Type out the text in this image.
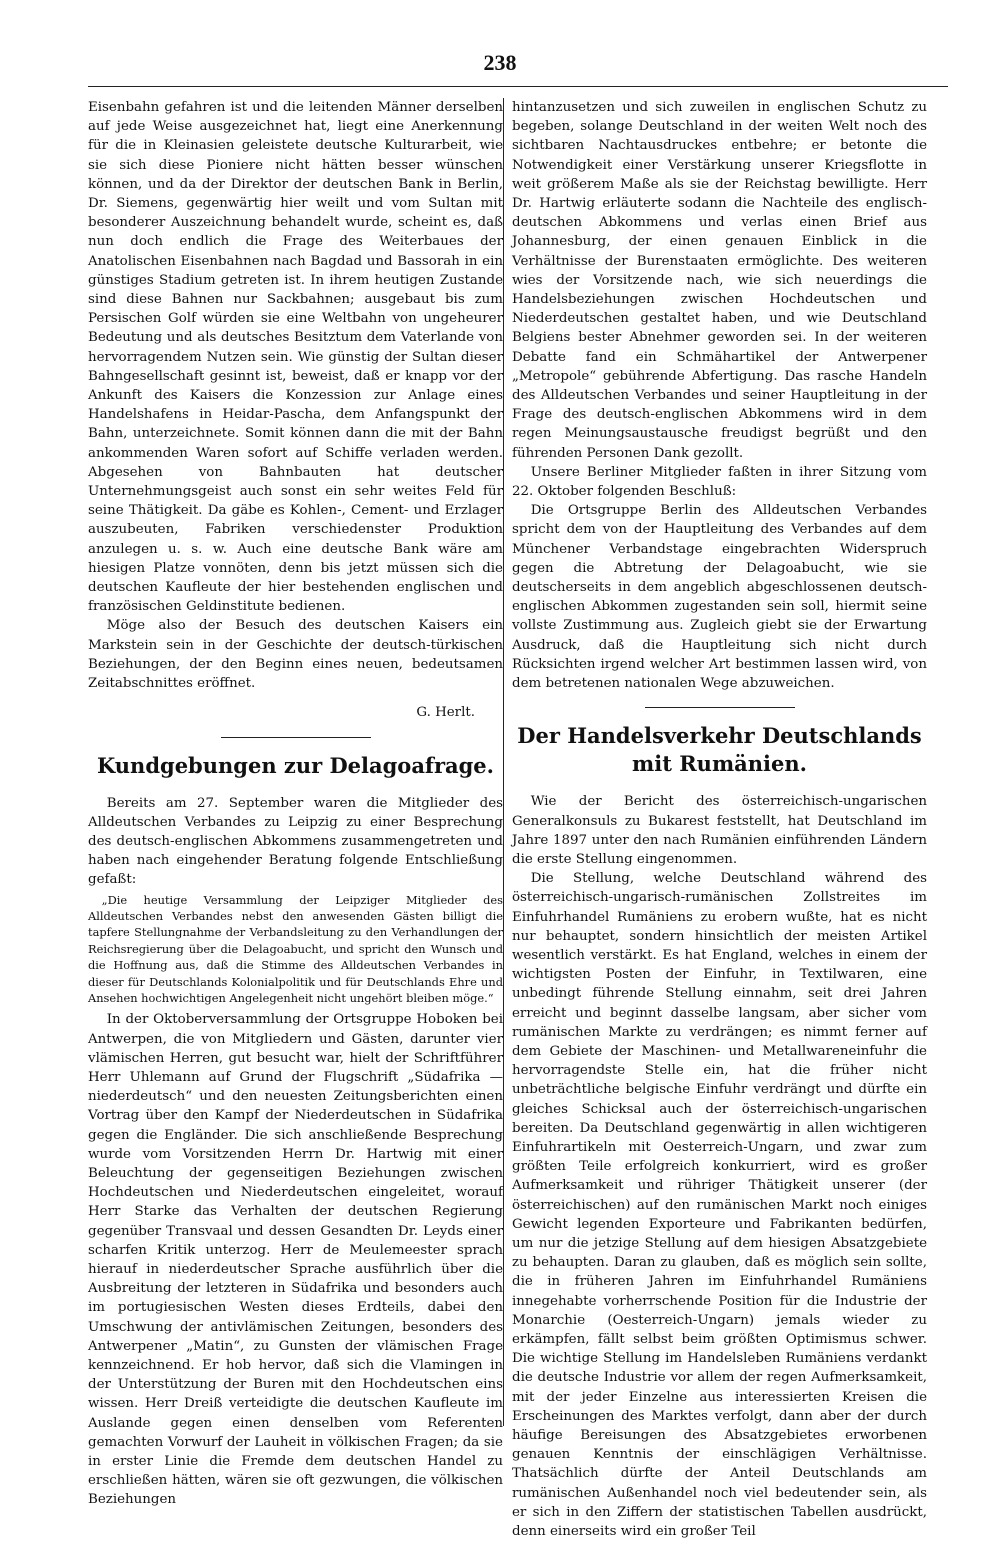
238

Eisenbahn gefahren ist und die leitenden Männer derselben auf jede Weise ausgezeichnet hat, liegt eine Anerkennung für die in Kleinasien geleistete deutsche Kulturarbeit, wie sie sich diese Pioniere nicht hätten besser wünschen können, und da der Direktor der deutschen Bank in Berlin, Dr. Siemens, gegenwärtig hier weilt und vom Sultan mit besonderer Auszeichnung behandelt wurde, scheint es, daß nun doch endlich die Frage des Weiterbaues der Anatolischen Eisenbahnen nach Bagdad und Bassorah in ein günstiges Stadium getreten ist. In ihrem heutigen Zustande sind diese Bahnen nur Sackbahnen; ausgebaut bis zum Persischen Golf würden sie eine Weltbahn von ungeheurer Bedeutung und als deutsches Besitztum dem Vaterlande von hervorragendem Nutzen sein. Wie günstig der Sultan dieser Bahngesellschaft gesinnt ist, beweist, daß er knapp vor der Ankunft des Kaisers die Konzession zur Anlage eines Handelshafens in Heidar-Pascha, dem Anfangspunkt der Bahn, unterzeichnete. Somit können dann die mit der Bahn ankommenden Waren sofort auf Schiffe verladen werden. Abgesehen von Bahnbauten hat deutscher Unternehmungsgeist auch sonst ein sehr weites Feld für seine Thätigkeit. Da gäbe es Kohlen-, Cement- und Erzlager auszubeuten, Fabriken verschiedenster Produktion anzulegen u. s. w. Auch eine deutsche Bank wäre am hiesigen Platze vonnöten, denn bis jetzt müssen sich die deutschen Kaufleute der hier bestehenden englischen und französischen Geldinstitute bedienen.

Möge also der Besuch des deutschen Kaisers ein Markstein sein in der Geschichte der deutsch-türkischen Beziehungen, der den Beginn eines neuen, bedeutsamen Zeitabschnittes eröffnet.

G. Herlt.

Kundgebungen zur Delagoafrage.

Bereits am 27. September waren die Mitglieder des Alldeutschen Verbandes zu Leipzig zu einer Besprechung des deutsch-englischen Abkommens zusammengetreten und haben nach eingehender Beratung folgende Entschließung gefaßt:

„Die heutige Versammlung der Leipziger Mitglieder des Alldeutschen Verbandes nebst den anwesenden Gästen billigt die tapfere Stellungnahme der Verbandsleitung zu den Verhandlungen der Reichsregierung über die Delagoabucht, und spricht den Wunsch und die Hoffnung aus, daß die Stimme des Alldeutschen Verbandes in dieser für Deutschlands Kolonialpolitik und für Deutschlands Ehre und Ansehen hochwichtigen Angelegenheit nicht ungehört bleiben möge.“

In der Oktoberversammlung der Ortsgruppe Hoboken bei Antwerpen, die von Mitgliedern und Gästen, darunter vier vlämischen Herren, gut besucht war, hielt der Schriftführer Herr Uhlemann auf Grund der Flugschrift „Südafrika — niederdeutsch“ und den neuesten Zeitungsberichten einen Vortrag über den Kampf der Niederdeutschen in Südafrika gegen die Engländer. Die sich anschließende Besprechung wurde vom Vorsitzenden Herrn Dr. Hartwig mit einer Beleuchtung der gegenseitigen Beziehungen zwischen Hochdeutschen und Niederdeutschen eingeleitet, worauf Herr Starke das Verhalten der deutschen Regierung gegenüber Transvaal und dessen Gesandten Dr. Leyds einer scharfen Kritik unterzog. Herr de Meulemeester sprach hierauf in niederdeutscher Sprache ausführlich über die Ausbreitung der letzteren in Südafrika und besonders auch im portugiesischen Westen dieses Erdteils, dabei den Umschwung der antivlämischen Zeitungen, besonders des Antwerpener „Matin“, zu Gunsten der vlämischen Frage kennzeichnend. Er hob hervor, daß sich die Vlamingen in der Unterstützung der Buren mit den Hochdeutschen eins wissen. Herr Dreiß verteidigte die deutschen Kaufleute im Auslande gegen einen denselben vom Referenten gemachten Vorwurf der Lauheit in völkischen Fragen; da sie in erster Linie die Fremde dem deutschen Handel zu erschließen hätten, wären sie oft gezwungen, die völkischen Beziehungen

hintanzusetzen und sich zuweilen in englischen Schutz zu begeben, solange Deutschland in der weiten Welt noch des sichtbaren Nachtausdruckes entbehre; er betonte die Notwendigkeit einer Verstärkung unserer Kriegsflotte in weit größerem Maße als sie der Reichstag bewilligte. Herr Dr. Hartwig erläuterte sodann die Nachteile des englisch-deutschen Abkommens und verlas einen Brief aus Johannesburg, der einen genauen Einblick in die Verhältnisse der Burenstaaten ermöglichte. Des weiteren wies der Vorsitzende nach, wie sich neuerdings die Handelsbeziehungen zwischen Hochdeutschen und Niederdeutschen gestaltet haben, und wie Deutschland Belgiens bester Abnehmer geworden sei. In der weiteren Debatte fand ein Schmähartikel der Antwerpener „Metropole“ gebührende Abfertigung. Das rasche Handeln des Alldeutschen Verbandes und seiner Hauptleitung in der Frage des deutsch-englischen Abkommens wird in dem regen Meinungsaustausche freudigst begrüßt und den führenden Personen Dank gezollt.

Unsere Berliner Mitglieder faßten in ihrer Sitzung vom 22. Oktober folgenden Beschluß:

Die Ortsgruppe Berlin des Alldeutschen Verbandes spricht dem von der Hauptleitung des Verbandes auf dem Münchener Verbandstage eingebrachten Widerspruch gegen die Abtretung der Delagoabucht, wie sie deutscherseits in dem angeblich abgeschlossenen deutsch-englischen Abkommen zugestanden sein soll, hiermit seine vollste Zustimmung aus. Zugleich giebt sie der Erwartung Ausdruck, daß die Hauptleitung sich nicht durch Rücksichten irgend welcher Art bestimmen lassen wird, von dem betretenen nationalen Wege abzuweichen.

Der Handelsverkehr Deutschlands
mit Rumänien.

Wie der Bericht des österreichisch-ungarischen Generalkonsuls zu Bukarest feststellt, hat Deutschland im Jahre 1897 unter den nach Rumänien einführenden Ländern die erste Stellung eingenommen.

Die Stellung, welche Deutschland während des österreichisch-ungarisch-rumänischen Zollstreites im Einfuhrhandel Rumäniens zu erobern wußte, hat es nicht nur behauptet, sondern hinsichtlich der meisten Artikel wesentlich verstärkt. Es hat England, welches in einem der wichtigsten Posten der Einfuhr, in Textilwaren, eine unbedingt führende Stellung einnahm, seit drei Jahren erreicht und beginnt dasselbe langsam, aber sicher vom rumänischen Markte zu verdrängen; es nimmt ferner auf dem Gebiete der Maschinen- und Metallwareneinfuhr die hervorragendste Stelle ein, hat die früher nicht unbeträchtliche belgische Einfuhr verdrängt und dürfte ein gleiches Schicksal auch der österreichisch-ungarischen bereiten. Da Deutschland gegenwärtig in allen wichtigeren Einfuhrartikeln mit Oesterreich-Ungarn, und zwar zum größten Teile erfolgreich konkurriert, wird es großer Aufmerksamkeit und rühriger Thätigkeit unserer (der österreichischen) auf den rumänischen Markt noch einiges Gewicht legenden Exporteure und Fabrikanten bedürfen, um nur die jetzige Stellung auf dem hiesigen Absatzgebiete zu behaupten. Daran zu glauben, daß es möglich sein sollte, die in früheren Jahren im Einfuhrhandel Rumäniens innegehabte vorherrschende Position für die Industrie der Monarchie (Oesterreich-Ungarn) jemals wieder zu erkämpfen, fällt selbst beim größten Optimismus schwer. Die wichtige Stellung im Handelsleben Rumäniens verdankt die deutsche Industrie vor allem der regen Aufmerksamkeit, mit der jeder Einzelne aus interessierten Kreisen die Erscheinungen des Marktes verfolgt, dann aber der durch häufige Bereisungen des Absatzgebietes erworbenen genauen Kenntnis der einschlägigen Verhältnisse. Thatsächlich dürfte der Anteil Deutschlands am rumänischen Außenhandel noch viel bedeutender sein, als er sich in den Ziffern der statistischen Tabellen ausdrückt, denn einerseits wird ein großer Teil
